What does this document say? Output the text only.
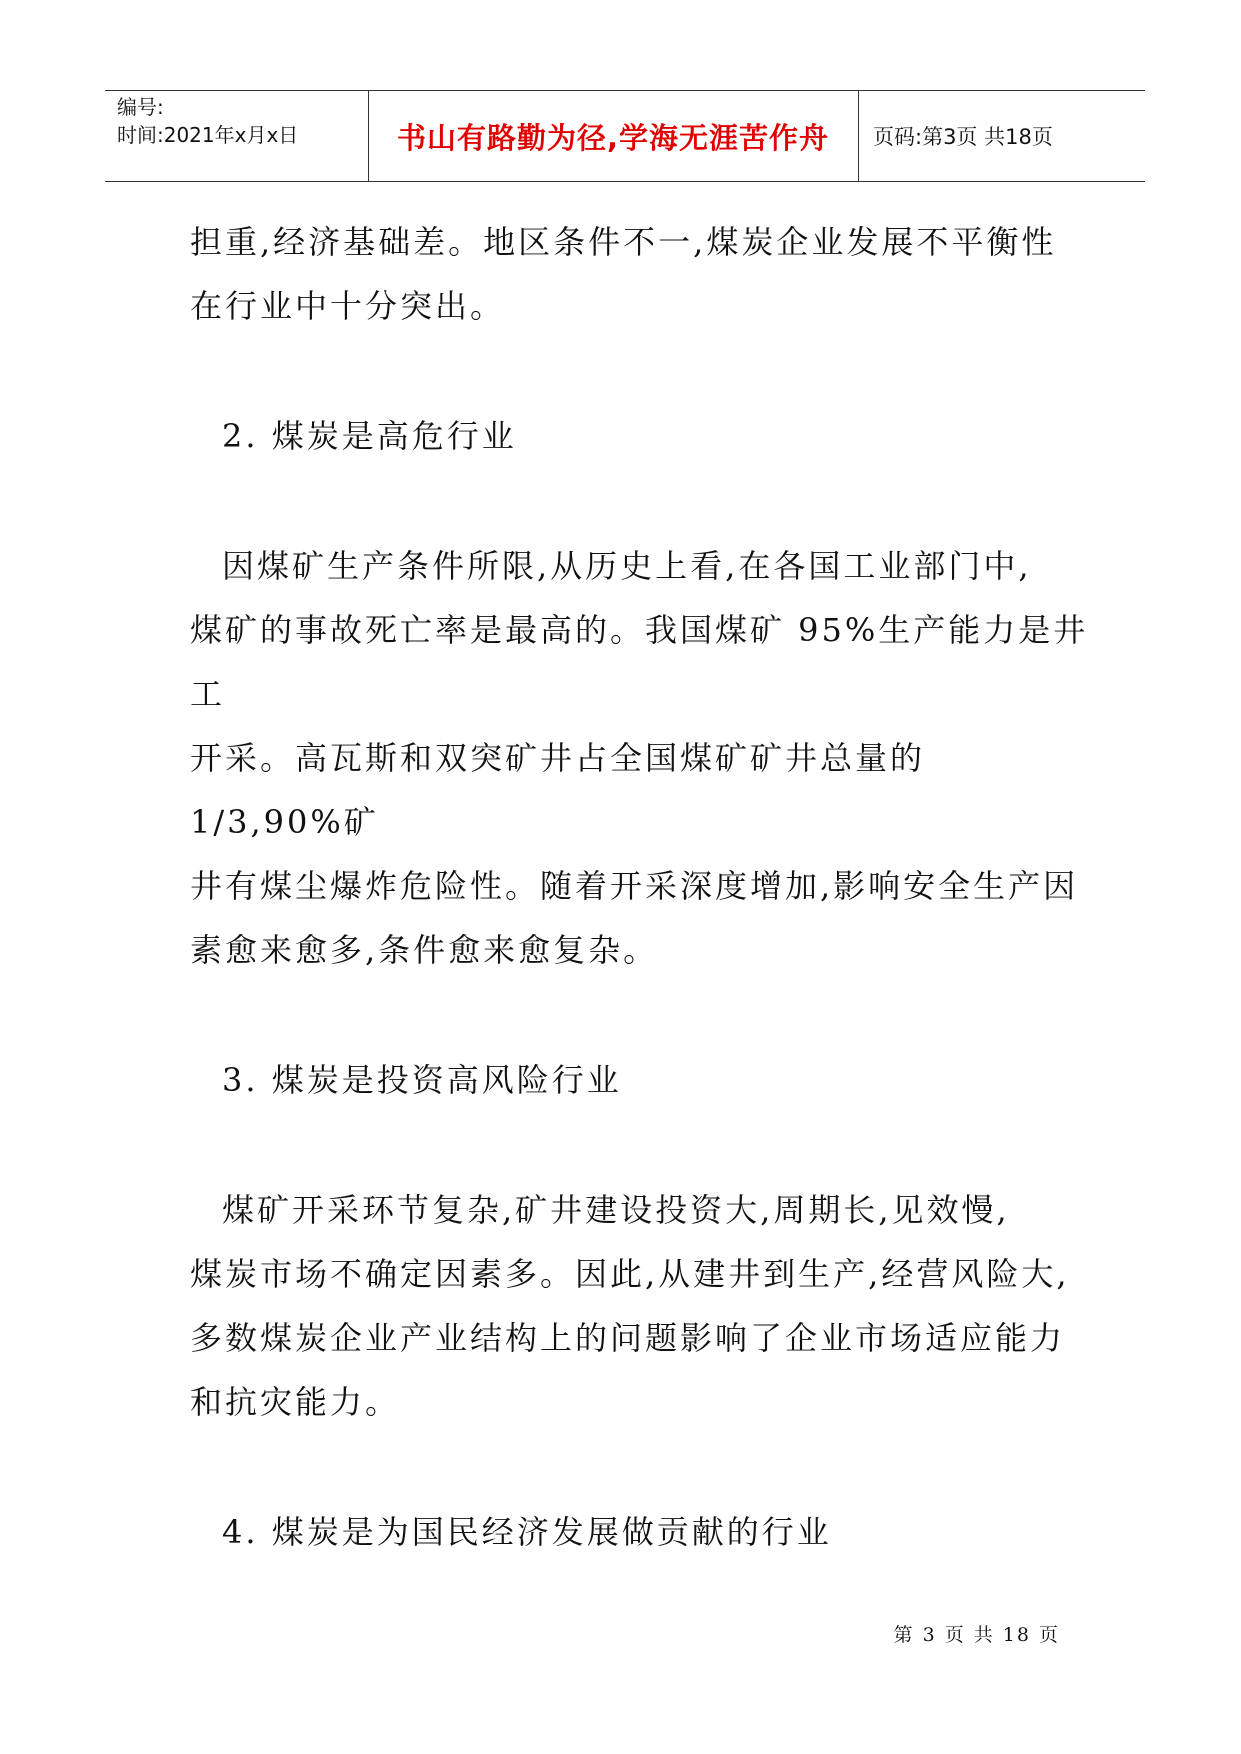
编号:
时间:2021年x月x日	书山有路勤为径,学海无涯苦作舟	页码:第3页 共18页

担重,经济基础差。地区条件不一,煤炭企业发展不平衡性

在行业中十分突出。

2. 煤炭是高危行业

因煤矿生产条件所限,从历史上看,在各国工业部门中,

煤矿的事故死亡率是最高的。我国煤矿 95%生产能力是井工

开采。高瓦斯和双突矿井占全国煤矿矿井总量的 1/3,90%矿

井有煤尘爆炸危险性。随着开采深度增加,影响安全生产因

素愈来愈多,条件愈来愈复杂。

3. 煤炭是投资高风险行业

煤矿开采环节复杂,矿井建设投资大,周期长,见效慢,

煤炭市场不确定因素多。因此,从建井到生产,经营风险大,

多数煤炭企业产业结构上的问题影响了企业市场适应能力

和抗灾能力。

4. 煤炭是为国民经济发展做贡献的行业

第 3 页 共 18 页
